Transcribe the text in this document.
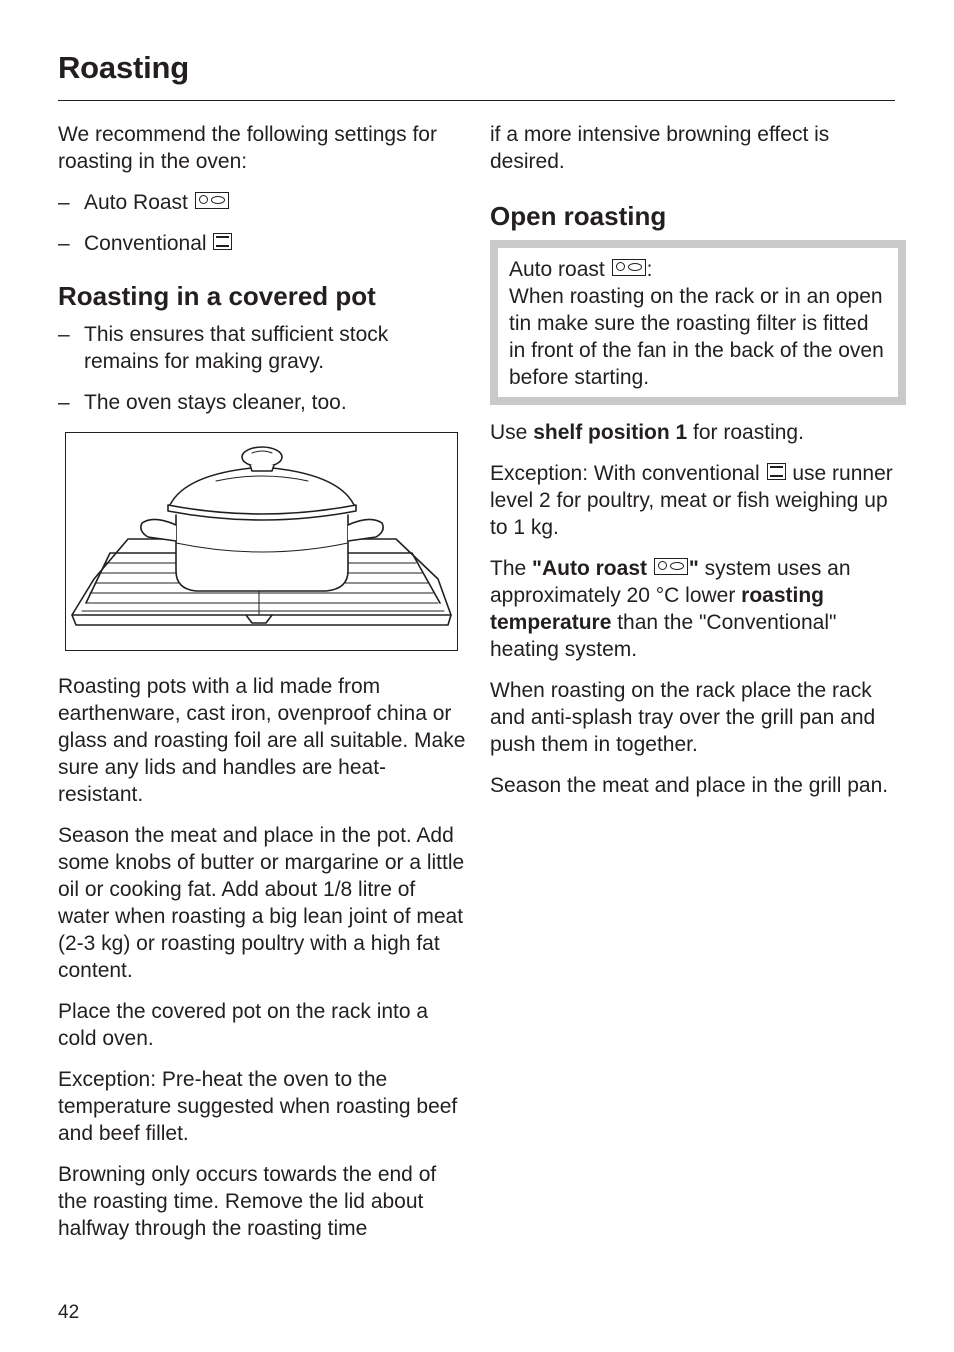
Roasting

We recommend the following settings for roasting in the oven:

– Auto Roast
– Conventional
Roasting in a covered pot
– This ensures that sufficient stock remains for making gravy.
– The oven stays cleaner, too.

Roasting pots with a lid made from earthenware, cast iron, ovenproof china or glass and roasting foil are all suitable. Make sure any lids and handles are heat-resistant.

Season the meat and place in the pot. Add some knobs of butter or margarine or a little oil or cooking fat. Add about 1/8 litre of water when roasting a big lean joint of meat (2-3 kg) or roasting poultry with a high fat content.

Place the covered pot on the rack into a cold oven.

Exception: Pre-heat the oven to the temperature suggested when roasting beef and beef fillet.

Browning only occurs towards the end of the roasting time. Remove the lid about halfway through the roasting time

if a more intensive browning effect is desired.

Open roasting
Auto roast :
When roasting on the rack or in an open tin make sure the roasting filter is fitted in front of the fan in the back of the oven before starting.

Use shelf position 1 for roasting.

Exception: With conventional use runner level 2 for poultry, meat or fish weighing up to 1 kg.

The "Auto roast " system uses an approximately 20 °C lower roasting temperature than the "Conventional" heating system.

When roasting on the rack place the rack and anti-splash tray over the grill pan and push them in together.

Season the meat and place in the grill pan.

42
